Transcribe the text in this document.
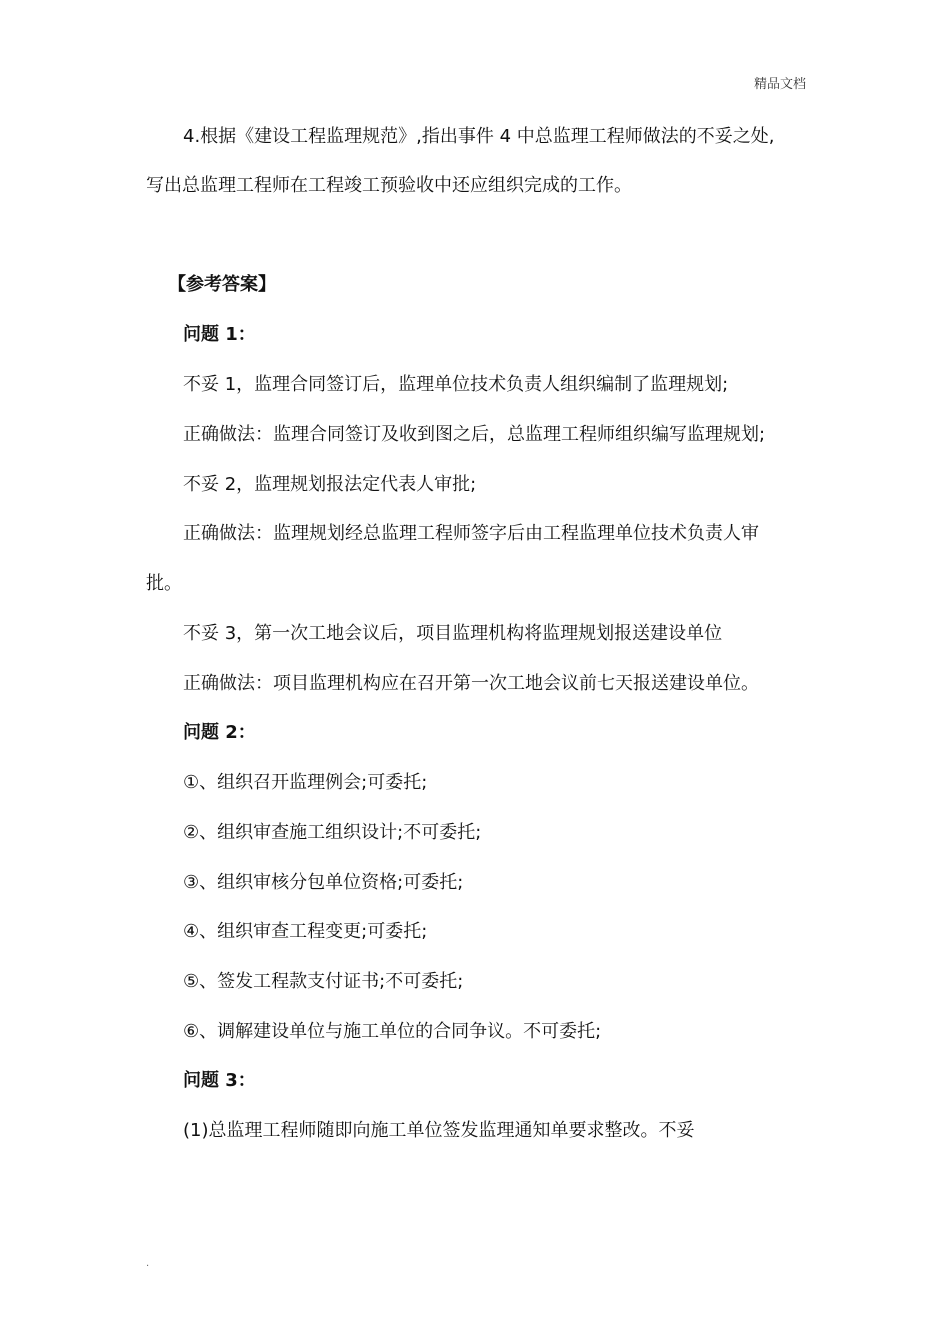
精品文档
4.根据《建设工程监理规范》,指出事件 4 中总监理工程师做法的不妥之处,
写出总监理工程师在工程竣工预验收中还应组织完成的工作。
【参考答案】
问题 1：
不妥 1，监理合同签订后，监理单位技术负责人组织编制了监理规划;
正确做法：监理合同签订及收到图之后，总监理工程师组织编写监理规划;
不妥 2，监理规划报法定代表人审批;
正确做法：监理规划经总监理工程师签字后由工程监理单位技术负责人审
批。
不妥 3，第一次工地会议后，项目监理机构将监理规划报送建设单位
正确做法：项目监理机构应在召开第一次工地会议前七天报送建设单位。
问题 2：
①、组织召开监理例会;可委托;
②、组织审查施工组织设计;不可委托;
③、组织审核分包单位资格;可委托;
④、组织审查工程变更;可委托;
⑤、签发工程款支付证书;不可委托;
⑥、调解建设单位与施工单位的合同争议。不可委托;
问题 3：
(1)总监理工程师随即向施工单位签发监理通知单要求整改。不妥
.
